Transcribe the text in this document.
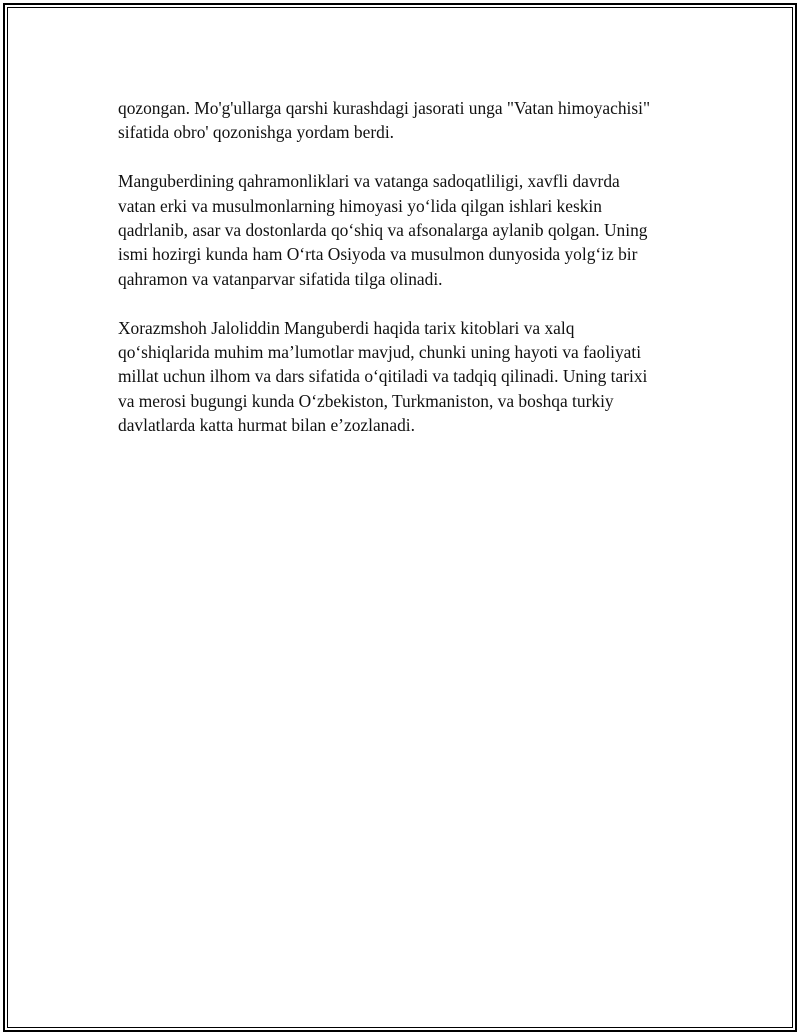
qozongan. Mo'g'ullarga qarshi kurashdagi jasorati unga "Vatan himoyachisi"
sifatida obro' qozonishga yordam berdi.

Manguberdining qahramonliklari va vatanga sadoqatliligi, xavfli davrda
vatan erki va musulmonlarning himoyasi yo‘lida qilgan ishlari keskin
qadrlanib, asar va dostonlarda qo‘shiq va afsonalarga aylanib qolgan. Uning
ismi hozirgi kunda ham O‘rta Osiyoda va musulmon dunyosida yolg‘iz bir
qahramon va vatanparvar sifatida tilga olinadi.

Xorazmshoh Jaloliddin Manguberdi haqida tarix kitoblari va xalq
qo‘shiqlarida muhim ma’lumotlar mavjud, chunki uning hayoti va faoliyati
millat uchun ilhom va dars sifatida o‘qitiladi va tadqiq qilinadi. Uning tarixi
va merosi bugungi kunda O‘zbekiston, Turkmaniston, va boshqa turkiy
davlatlarda katta hurmat bilan e’zozlanadi.
